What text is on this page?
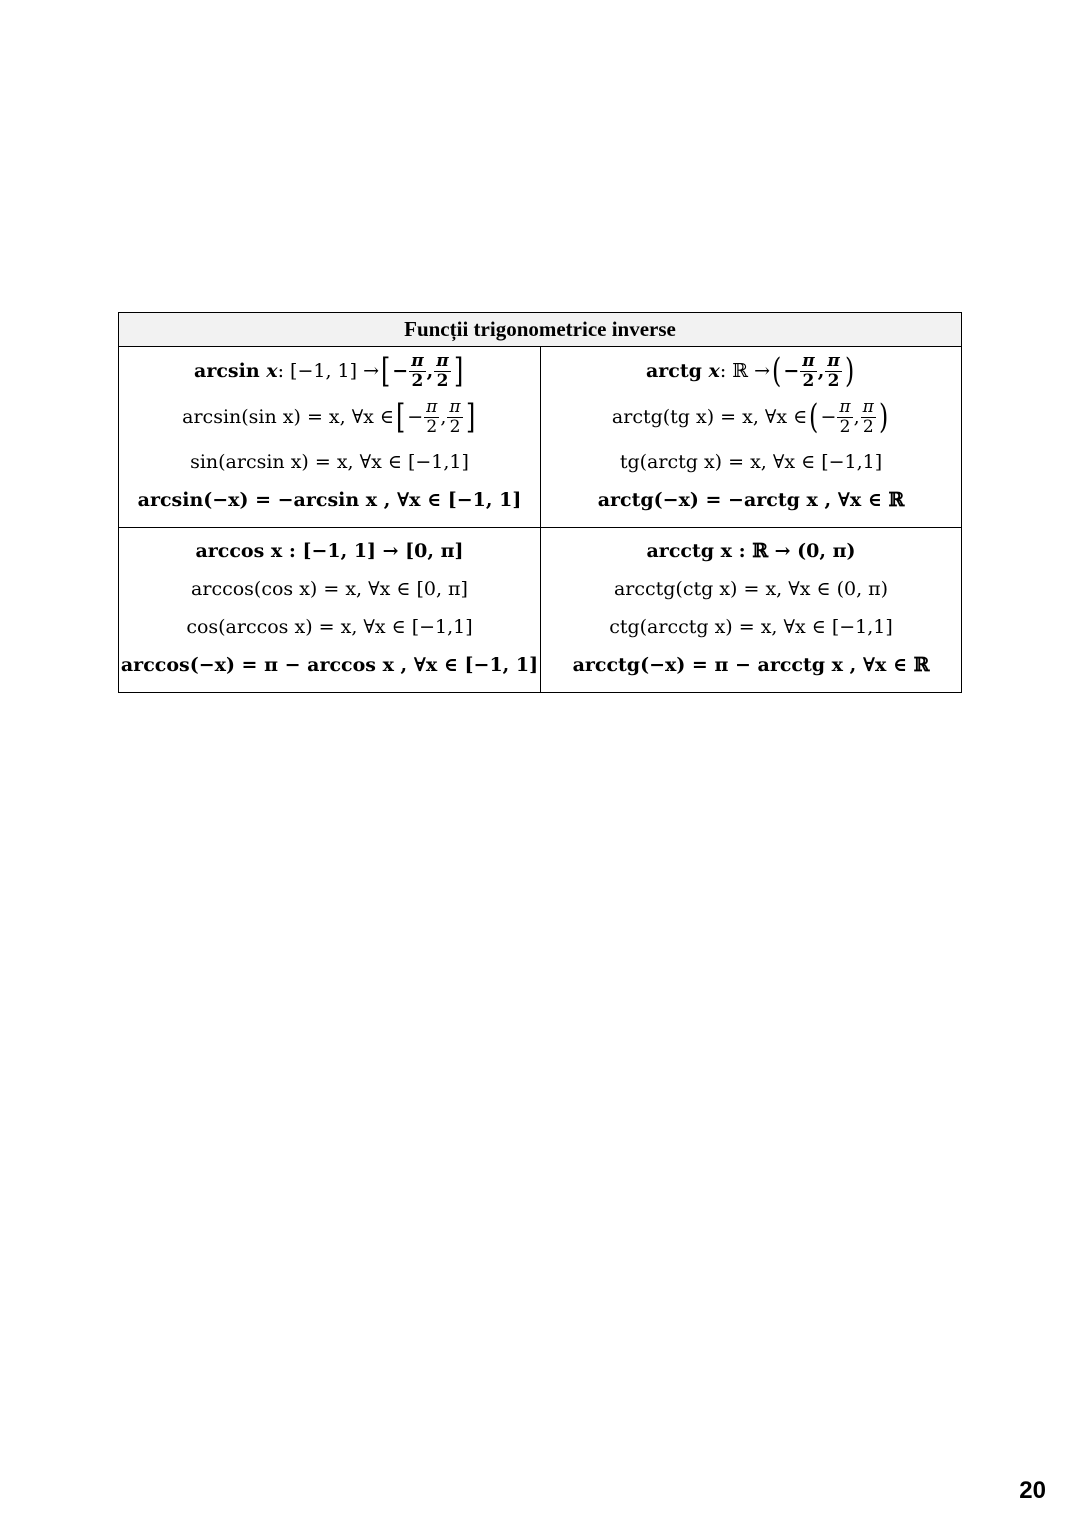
Funcții trigonometrice inverse
arcsin
x : [−1, 1] → [ − $\frac{\pi}{2}$ , $\frac{\pi}{2}$ ]
arcsin(sin x) = x, ∀x ∈ [ − $\frac{\pi}{2}$ , $\frac{\pi}{2}$ ]
sin(arcsin x) = x, ∀x ∈ [−1,1]
arcsin(−x) = −arcsin x , ∀x ∈ [−1, 1]
arctg
x : ℝ → ( − $\frac{\pi}{2}$ , $\frac{\pi}{2}$ )
arctg(tg x) = x, ∀x ∈ ( − $\frac{\pi}{2}$ , $\frac{\pi}{2}$ )
tg(arctg x) = x, ∀x ∈ [−1,1]
arctg(−x) = −arctg x , ∀x ∈ ℝ
arccos x : [−1, 1] → [0, π]
arccos(cos x) = x, ∀x ∈ [0, π]
cos(arccos x) = x, ∀x ∈ [−1,1]
arccos(−x) = π − arccos x , ∀x ∈ [−1, 1]
arcctg x : ℝ → (0, π)
arcctg(ctg x) = x, ∀x ∈ (0, π)
ctg(arcctg x) = x, ∀x ∈ [−1,1]
arcctg(−x) = π − arcctg x , ∀x ∈ ℝ
20
